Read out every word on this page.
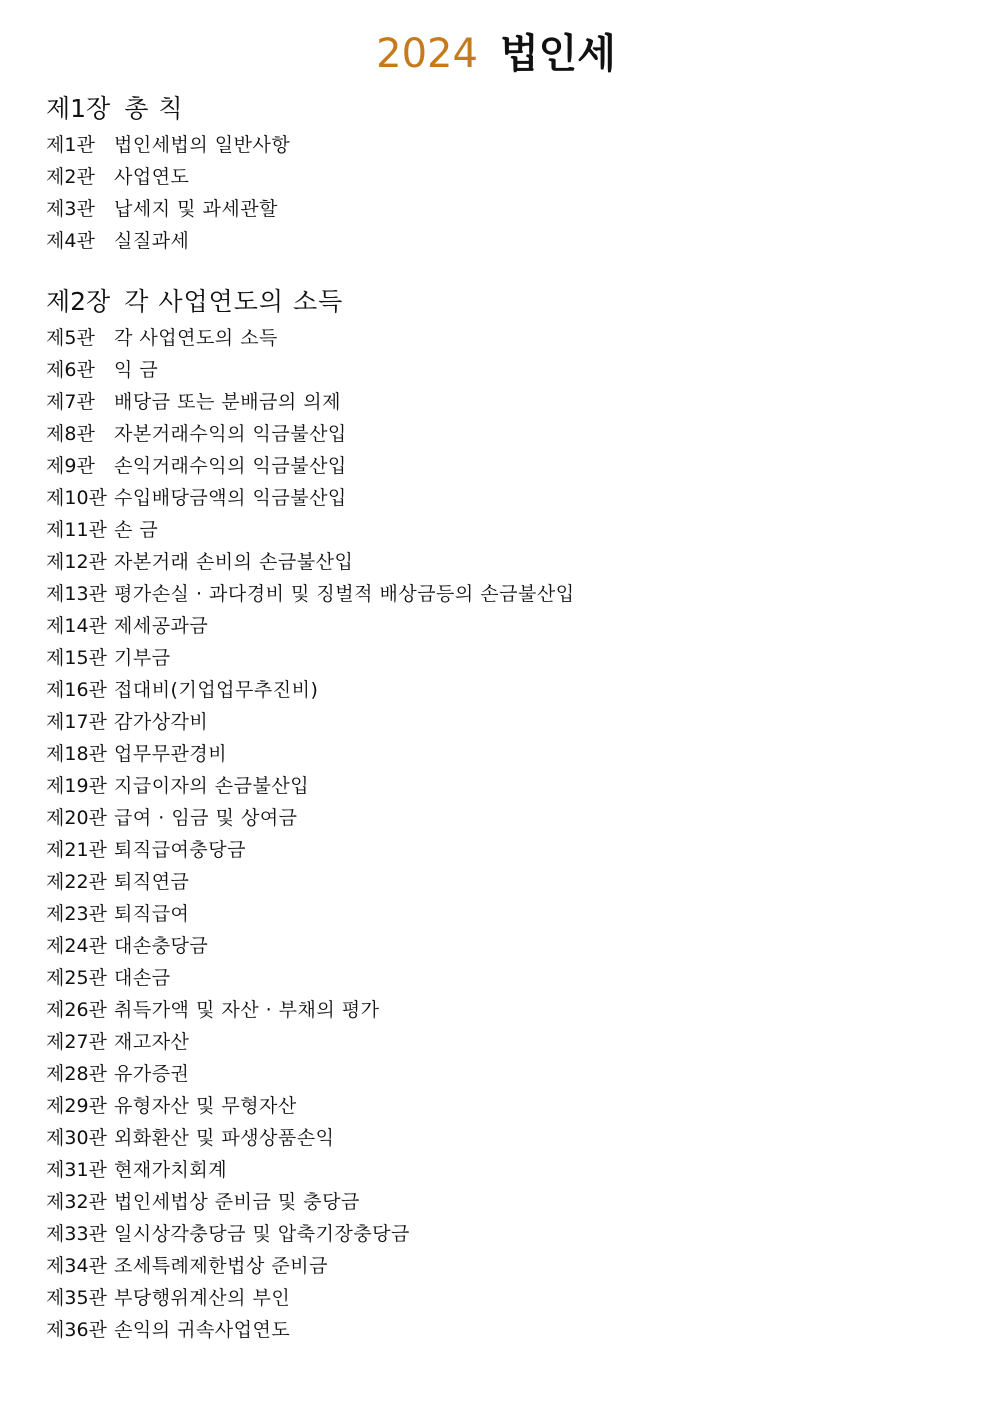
2024 법인세
제1장 총 칙
제1관 법인세법의 일반사항
제2관 사업연도
제3관 납세지 및 과세관할
제4관 실질과세
제2장 각 사업연도의 소득
제5관 각 사업연도의 소득
제6관 익 금
제7관 배당금 또는 분배금의 의제
제8관 자본거래수익의 익금불산입
제9관 손익거래수익의 익금불산입
제10관 수입배당금액의 익금불산입
제11관 손 금
제12관 자본거래 손비의 손금불산입
제13관 평가손실 · 과다경비 및 징벌적 배상금등의 손금불산입
제14관 제세공과금
제15관 기부금
제16관 접대비(기업업무추진비)
제17관 감가상각비
제18관 업무무관경비
제19관 지급이자의 손금불산입
제20관 급여 · 임금 및 상여금
제21관 퇴직급여충당금
제22관 퇴직연금
제23관 퇴직급여
제24관 대손충당금
제25관 대손금
제26관 취득가액 및 자산 · 부채의 평가
제27관 재고자산
제28관 유가증권
제29관 유형자산 및 무형자산
제30관 외화환산 및 파생상품손익
제31관 현재가치회계
제32관 법인세법상 준비금 및 충당금
제33관 일시상각충당금 및 압축기장충당금
제34관 조세특례제한법상 준비금
제35관 부당행위계산의 부인
제36관 손익의 귀속사업연도
